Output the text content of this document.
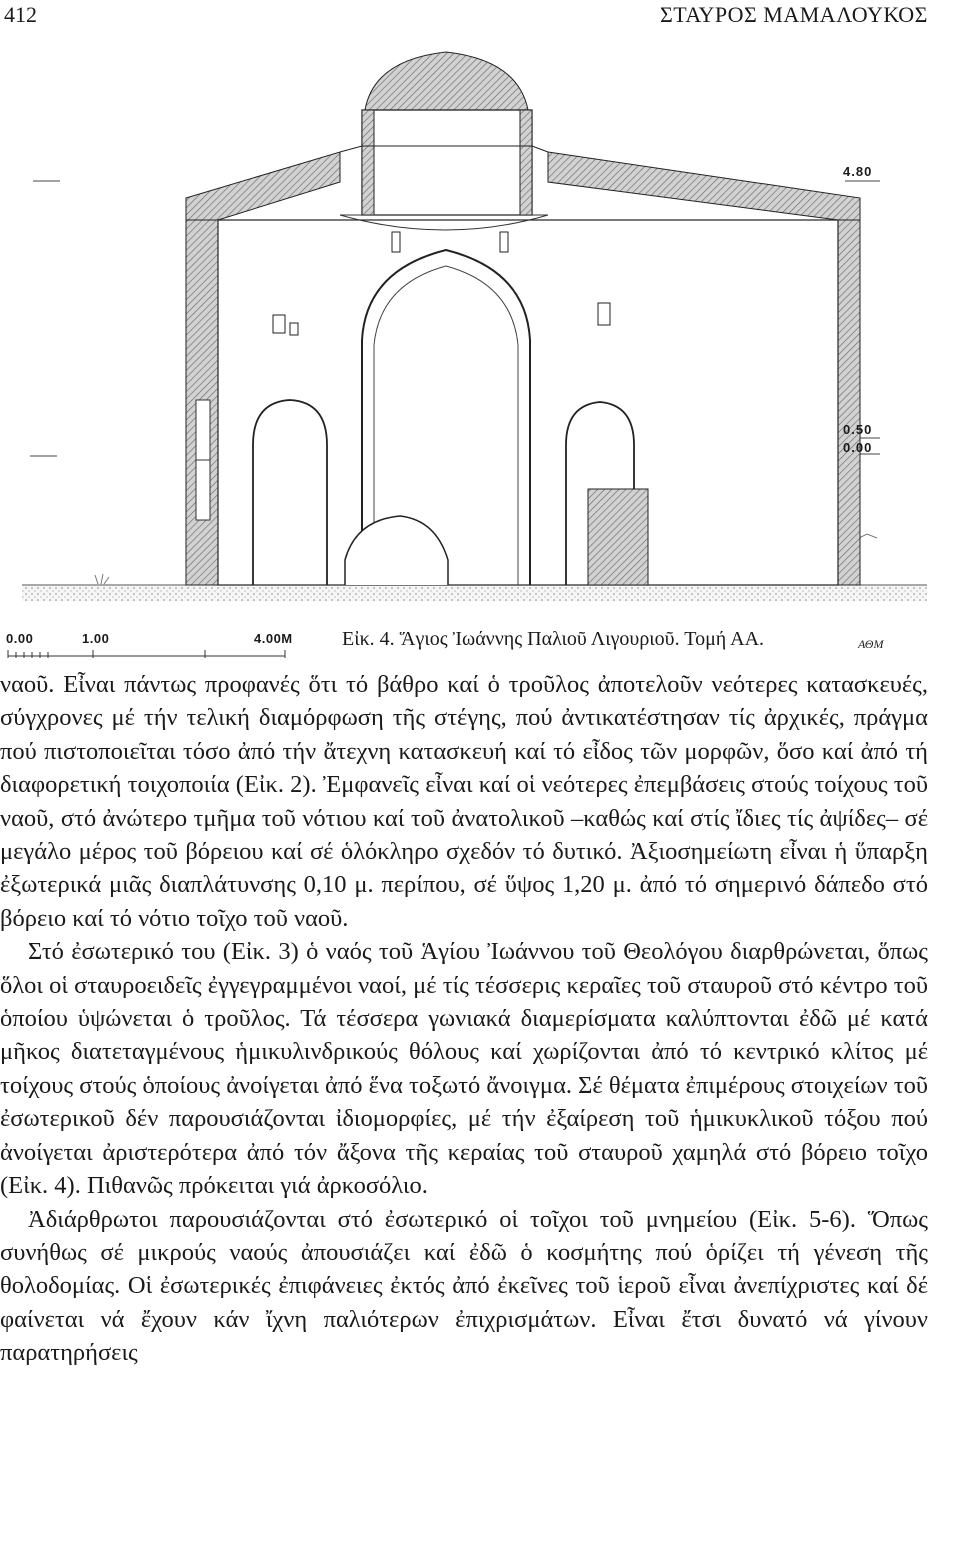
412	ΣΤΑΥΡΟΣ ΜΑΜΑΛΟΥΚΟΣ
4.80
0.50
0.00
0.00	1.00	4.00M	ΑΘΜ
Εἰκ. 4. Ἅγιος Ἰωάννης Παλιοῦ Λιγουριοῦ. Τομή ΑΑ.

ναοῦ. Εἶναι πάντως προφανές ὅτι τό βάθρο καί ὁ τροῦλος ἀποτελοῦν νεότερες κατασκευές, σύγχρονες μέ τήν τελική διαμόρφωση τῆς στέγης, πού ἀντικατέστησαν τίς ἀρχικές, πράγμα πού πιστοποιεῖται τόσο ἀπό τήν ἄτεχνη κατασκευή καί τό εἶδος τῶν μορφῶν, ὅσο καί ἀπό τή διαφορετική τοιχοποιία (Εἰκ. 2). Ἐμφανεῖς εἶναι καί οἱ νεότερες ἐπεμβάσεις στούς τοίχους τοῦ ναοῦ, στό ἀνώτερο τμῆμα τοῦ νότιου καί τοῦ ἀνατολικοῦ –καθώς καί στίς ἴδιες τίς ἀψίδες– σέ μεγάλο μέρος τοῦ βόρειου καί σέ ὁλόκληρο σχεδόν τό δυτικό. Ἀξιοσημείωτη εἶναι ἡ ὕπαρξη ἐξωτερικά μιᾶς διαπλάτυνσης 0,10 μ. περίπου, σέ ὕψος 1,20 μ. ἀπό τό σημερινό δάπεδο στό βόρειο καί τό νότιο τοῖχο τοῦ ναοῦ.

Στό ἐσωτερικό του (Εἰκ. 3) ὁ ναός τοῦ Ἁγίου Ἰωάννου τοῦ Θεολόγου διαρθρώνεται, ὅπως ὅλοι οἱ σταυροειδεῖς ἐγγεγραμμένοι ναοί, μέ τίς τέσσερις κεραῖες τοῦ σταυροῦ στό κέντρο τοῦ ὁποίου ὑψώνεται ὁ τροῦλος. Τά τέσσερα γωνιακά διαμερίσματα καλύπτονται ἐδῶ μέ κατά μῆκος διατεταγμένους ἡμικυλινδρικούς θόλους καί χωρίζονται ἀπό τό κεντρικό κλίτος μέ τοίχους στούς ὁποίους ἀνοίγεται ἀπό ἕνα τοξωτό ἄνοιγμα. Σέ θέματα ἐπιμέρους στοιχείων τοῦ ἐσωτερικοῦ δέν παρουσιάζονται ἰδιομορφίες, μέ τήν ἐξαίρεση τοῦ ἡμικυκλικοῦ τόξου πού ἀνοίγεται ἀριστερότερα ἀπό τόν ἄξονα τῆς κεραίας τοῦ σταυροῦ χαμηλά στό βόρειο τοῖχο (Εἰκ. 4). Πιθανῶς πρόκειται γιά ἀρκοσόλιο.

Ἀδιάρθρωτοι παρουσιάζονται στό ἐσωτερικό οἱ τοῖχοι τοῦ μνημείου (Εἰκ. 5-6). Ὅπως συνήθως σέ μικρούς ναούς ἀπουσιάζει καί ἐδῶ ὁ κοσμήτης πού ὁρίζει τή γένεση τῆς θολοδομίας. Οἱ ἐσωτερικές ἐπιφάνειες ἐκτός ἀπό ἐκεῖνες τοῦ ἱεροῦ εἶναι ἀνεπίχριστες καί δέ φαίνεται νά ἔχουν κάν ἴχνη παλιότερων ἐπιχρισμάτων. Εἶναι ἔτσι δυνατό νά γίνουν παρατηρήσεις
